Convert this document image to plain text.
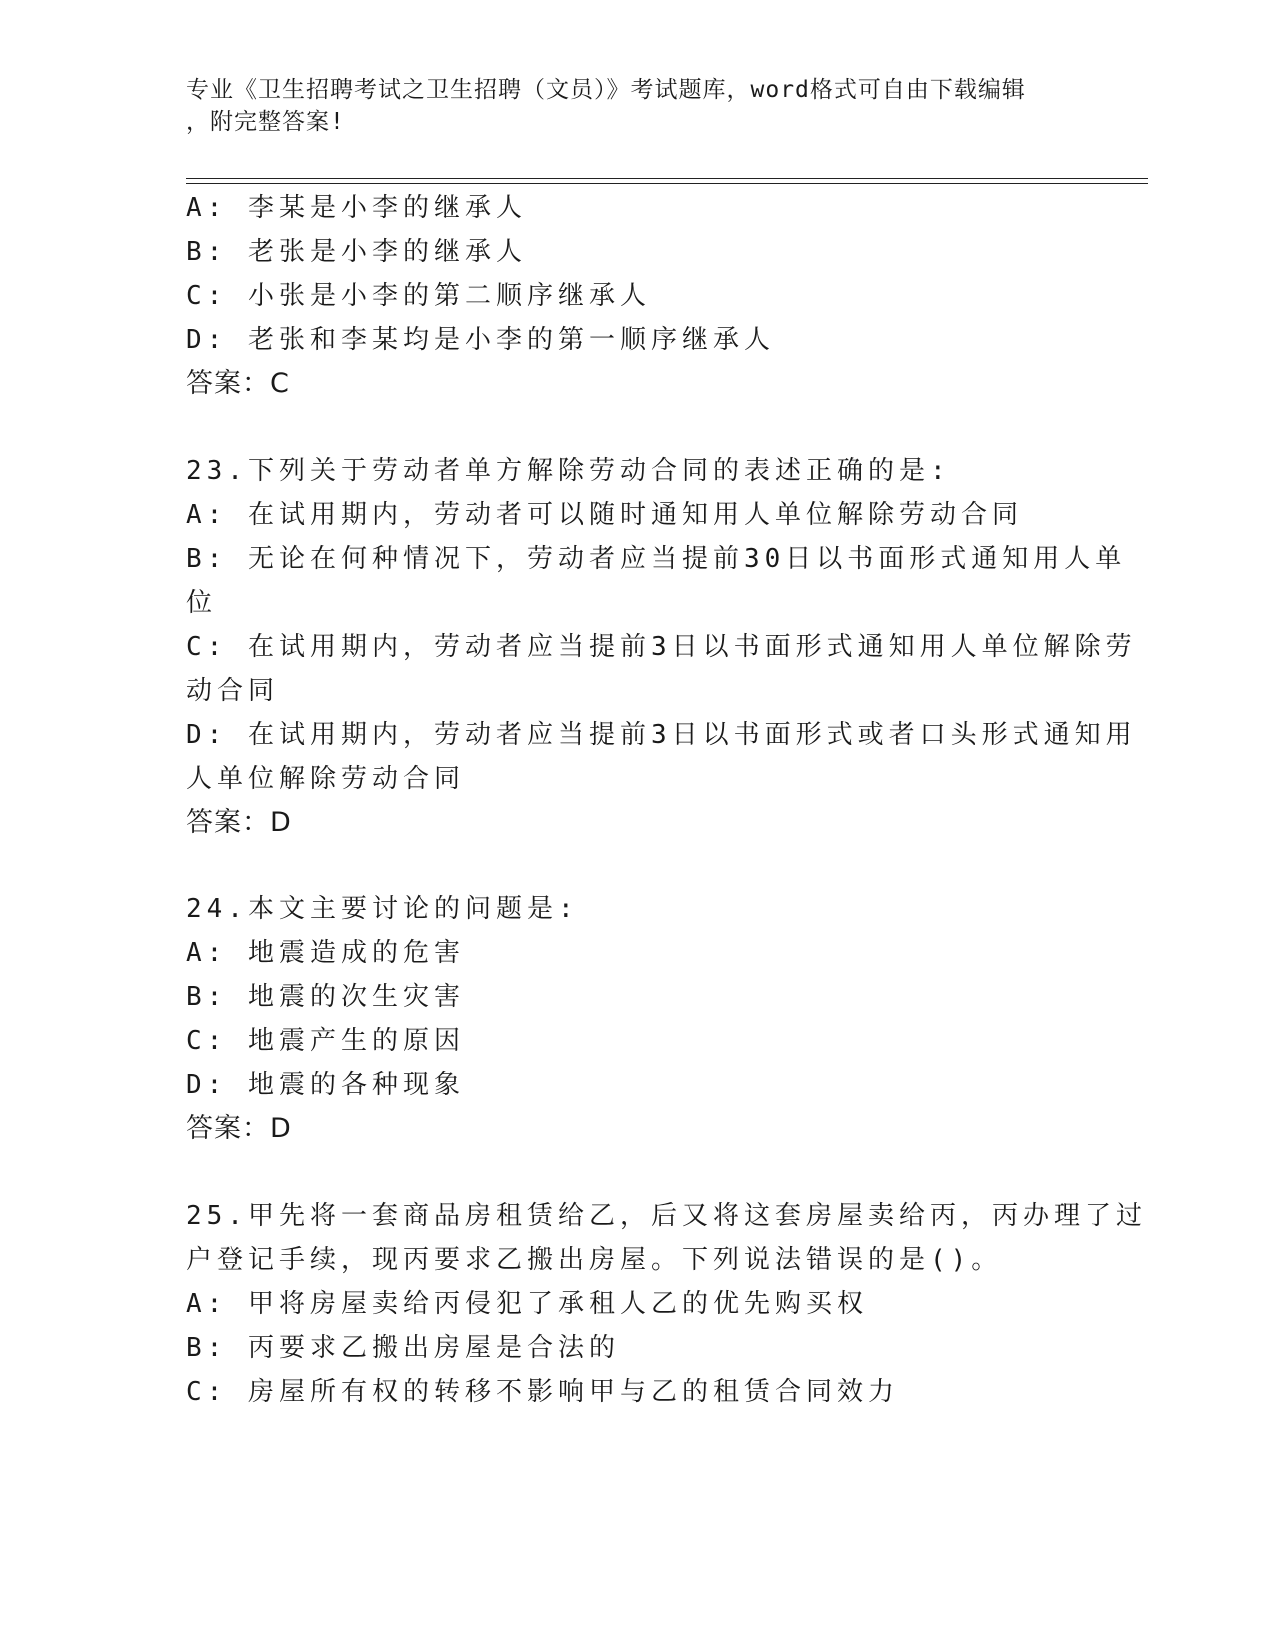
专业《卫生招聘考试之卫生招聘（文员）》考试题库，word格式可自由下载编辑
，附完整答案!
A: 李某是小李的继承人
B: 老张是小李的继承人
C: 小张是小李的第二顺序继承人
D: 老张和李某均是小李的第一顺序继承人
答案：C
23.下列关于劳动者单方解除劳动合同的表述正确的是:
A: 在试用期内，劳动者可以随时通知用人单位解除劳动合同
B: 无论在何种情况下，劳动者应当提前30日以书面形式通知用人单
位
C: 在试用期内，劳动者应当提前3日以书面形式通知用人单位解除劳
动合同
D: 在试用期内，劳动者应当提前3日以书面形式或者口头形式通知用
人单位解除劳动合同
答案：D
24.本文主要讨论的问题是:
A: 地震造成的危害
B: 地震的次生灾害
C: 地震产生的原因
D: 地震的各种现象
答案：D
25.甲先将一套商品房租赁给乙，后又将这套房屋卖给丙，丙办理了过
户登记手续，现丙要求乙搬出房屋。下列说法错误的是()。
A: 甲将房屋卖给丙侵犯了承租人乙的优先购买权
B: 丙要求乙搬出房屋是合法的
C: 房屋所有权的转移不影响甲与乙的租赁合同效力
